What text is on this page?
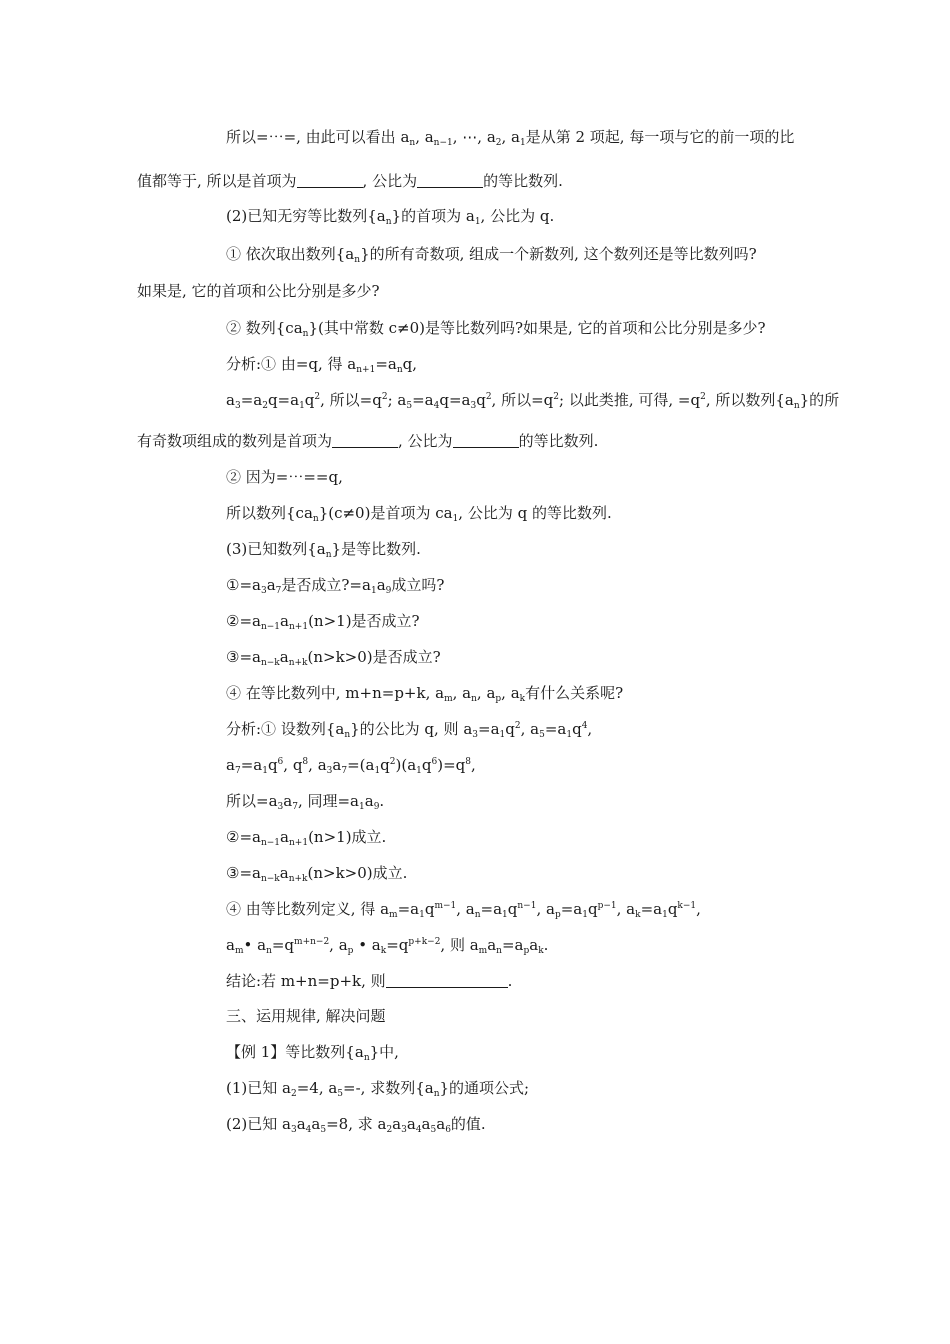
所以=⋯=, 由此可以看出 $a_n$, $a_{n-1}$, ⋯, $a_2$, $a_1$是从第 2 项起, 每一项与它的前一项的比
值都等于, 所以是首项为	, 公比为	的等比数列.
(2)已知无穷等比数列$\{a_n\}$的首项为 $a_1$, 公比为 q.
① 依次取出数列$\{a_n\}$的所有奇数项, 组成一个新数列, 这个数列还是等比数列吗?
如果是, 它的首项和公比分别是多少?
② 数列$\{ca_n\}$(其中常数 c≠0)是等比数列吗?如果是, 它的首项和公比分别是多少?
分析:① 由=q, 得 $a_{n+1}=a_nq$,
$a_3=a_2q=a_1q^2$, 所以$=q^2$; $a_5=a_4q=a_3q^2$, 所以$=q^2$; 以此类推, 可得, $=q^2$, 所以数列$\{a_n\}$的所
有奇数项组成的数列是首项为	, 公比为	的等比数列.
② 因为=⋯==q,
所以数列$\{ca_n\}(c\ne 0)$是首项为 $ca_1$, 公比为 q 的等比数列.
(3)已知数列$\{a_n\}$是等比数列.
$①=a_3a_7$是否成立$?=a_1a_9$成立吗?
$②=a_{n-1}a_{n+1}(n>1)$是否成立?
$③=a_{n-k}a_{n+k}(n>k>0)$是否成立?
④ 在等比数列中, m+n=p+k, $a_m$, $a_n$, $a_p$, $a_k$有什么关系呢?
分析:① 设数列$\{a_n\}$的公比为 q, 则 $a_3=a_1q^2$, $a_5=a_1q^4$,
$a_7=a_1q^6$, $q^8$, $a_3a_7=(a_1q^2)(a_1q^6)=q^8$,
所以$=a_3a_7$, 同理$=a_1a_9$.
$②=a_{n-1}a_{n+1}(n>1)$成立.
$③=a_{n-k}a_{n+k}(n>k>0)$成立.
④ 由等比数列定义, 得 $a_m=a_1q^{m-1}$, $a_n=a_1q^{n-1}$, $a_p=a_1q^{p-1}$, $a_k=a_1q^{k-1}$,
$a_m•$ $a_n=q^{m+n-2}$, $a_p$ • $a_k=q^{p+k-2}$, 则 $a_ma_n=a_pa_k$.
结论:若 m+n=p+k, 则	.
三、运用规律, 解决问题
【例 1】等比数列$\{a_n\}$中,
(1)已知 $a_2=4$, $a_5=-$, 求数列$\{a_n\}$的通项公式;
(2)已知 $a_3a_4a_5=8$, 求 $a_2a_3a_4a_5a_6$的值.
